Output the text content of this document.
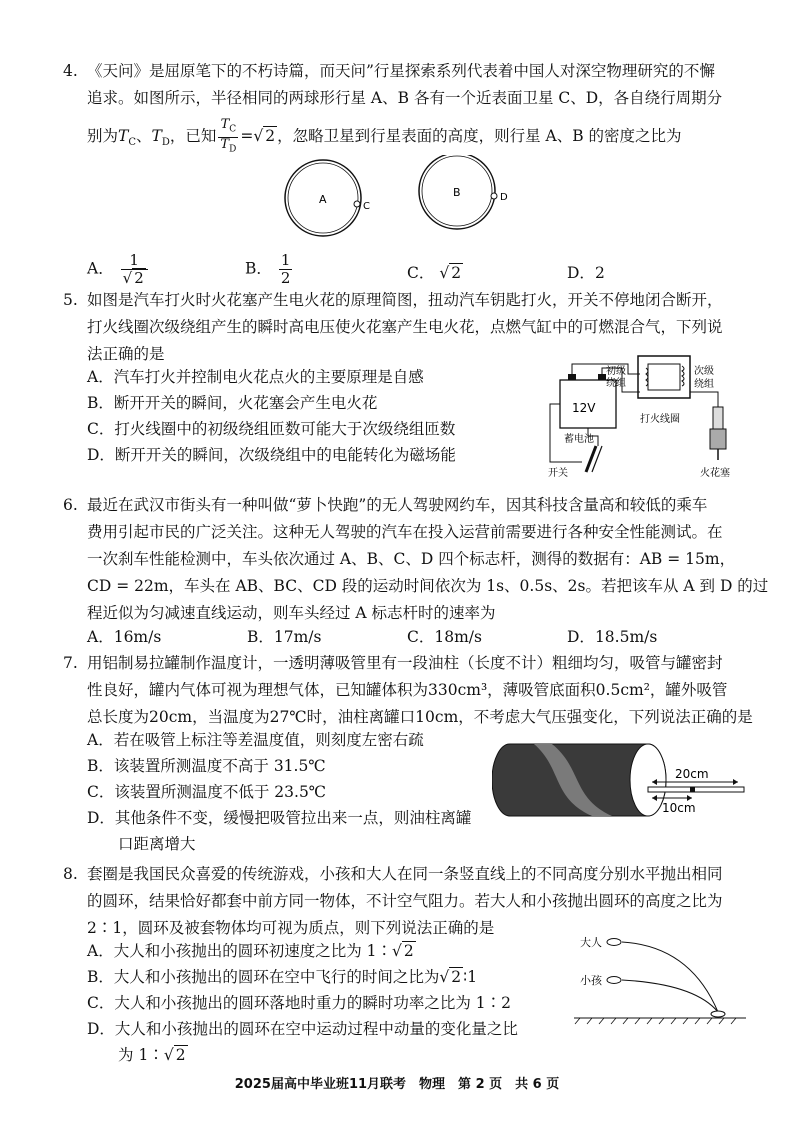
4. 《天问》是屈原笔下的不朽诗篇，而天问”行星探索系列代表着中国人对深空物理研究的不懈
追求。如图所示，半径相同的两球形行星 A、B 各有一个近表面卫星 C、D，各自绕行周期分
别为$T_C$、$T_D$，已知 $\frac{T_C}{T_D}$ =√ 2 ，忽略卫星到行星表面的高度，则行星 A、B 的密度之比为
A
C
B	D
A． $\frac{1}{√ 2}$	B． $\frac{1}{2}$	C． √ 2	D．2
5. 如图是汽车打火时火花塞产生电火花的原理简图，扭动汽车钥匙打火，开关不停地闭合断开，
打火线圈次级绕组产生的瞬时高电压使火花塞产生电火花，点燃气缸中的可燃混合气，下列说
法正确的是
A．汽车打火并控制电火花点火的主要原理是自感
B．断开开关的瞬间，火花塞会产生电火花
C．打火线圈中的初级绕组匝数可能大于次级绕组匝数
D．断开开关的瞬间，次级绕组中的电能转化为磁场能
12V
蓄电池
初级
绕组
次级
绕组
打火线圈
火花塞
开关
6. 最近在武汉市街头有一种叫做“萝卜快跑”的无人驾驶网约车，因其科技含量高和较低的乘车
费用引起市民的广泛关注。这种无人驾驶的汽车在投入运营前需要进行各种安全性能测试。在
一次刹车性能检测中，车头依次通过 A、B、C、D 四个标志杆，测得的数据有：AB = 15m，
CD = 22m，车头在 AB、BC、CD 段的运动时间依次为 1s、0.5s、2s。若把该车从 A 到 D 的过
程近似为匀减速直线运动，则车头经过 A 标志杆时的速率为
A．16m/s	B．17m/s	C．18m/s	D．18.5m/s
7. 用铝制易拉罐制作温度计，一透明薄吸管里有一段油柱（长度不计）粗细均匀，吸管与罐密封
性良好，罐内气体可视为理想气体，已知罐体积为330cm³，薄吸管底面积0.5cm²，罐外吸管
总长度为20cm，当温度为27℃时，油柱离罐口10cm，不考虑大气压强变化，下列说法正确的是
A．若在吸管上标注等差温度值，则刻度左密右疏
B．该装置所测温度不高于 31.5℃
C．该装置所测温度不低于 23.5℃
D．其他条件不变，缓慢把吸管拉出来一点，则油柱离罐
　　口距离增大
20cm
10cm
8. 套圈是我国民众喜爱的传统游戏，小孩和大人在同一条竖直线上的不同高度分别水平抛出相同
的圆环，结果恰好都套中前方同一物体，不计空气阻力。若大人和小孩抛出圆环的高度之比为
2∶1，圆环及被套物体均可视为质点，则下列说法正确的是
A．大人和小孩抛出的圆环初速度之比为 1∶√ 2
B．大人和小孩抛出的圆环在空中飞行的时间之比为√ 2 ∶1
C．大人和小孩抛出的圆环落地时重力的瞬时功率之比为 1∶2
D．大人和小孩抛出的圆环在空中运动过程中动量的变化量之比
　　为 1∶√ 2
大人
小孩
2025届高中毕业班11月联考　物理　第 2 页　共 6 页
